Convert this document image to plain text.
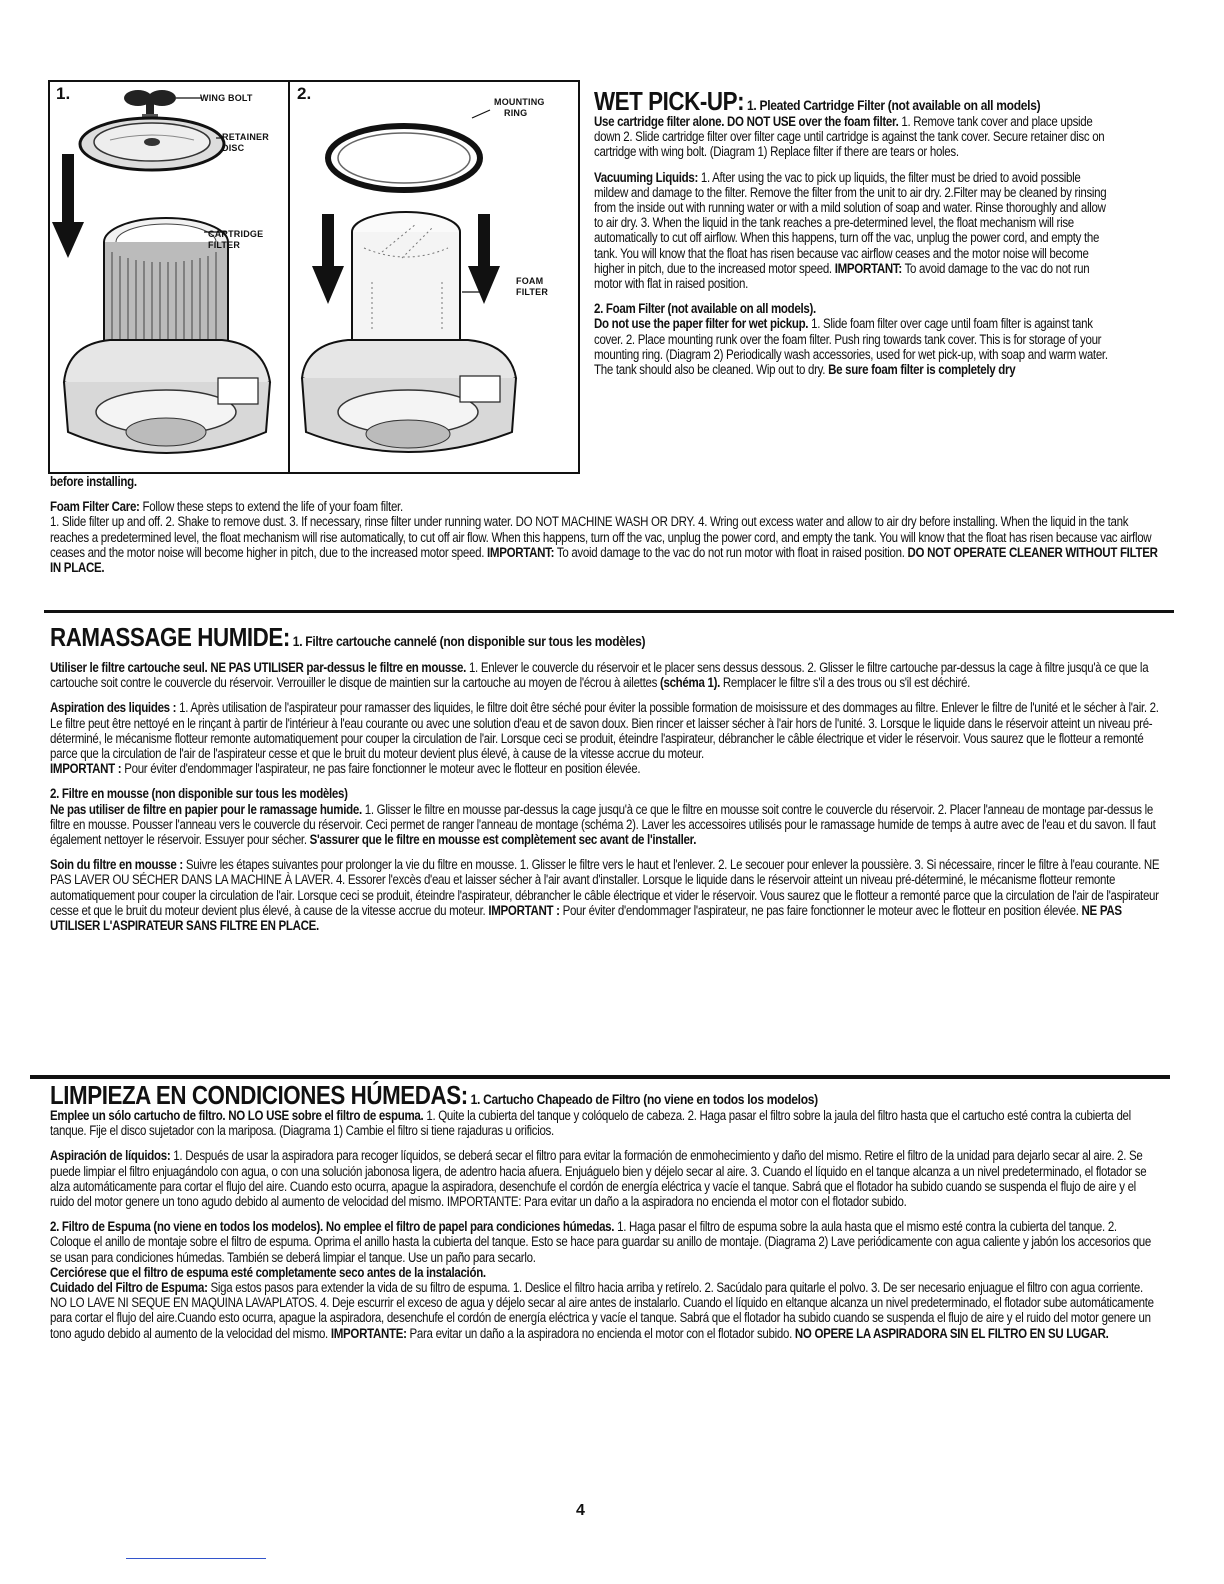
1.	2.
WING BOLT
RETAINER
DISC
CARTRIDGE
FILTER
MOUNTING
RING
FOAM
FILTER

WET PICK-UP: 1. Pleated Cartridge Filter (not available on all models)

Use cartridge filter alone. DO NOT USE over the foam filter. 1. Remove tank cover and place upside down 2. Slide cartridge filter over filter cage until cartridge is against the tank cover. Secure retainer disc on cartridge with wing bolt. (Diagram 1) Replace filter if there are tears or holes.

Vacuuming Liquids: 1. After using the vac to pick up liquids, the filter must be dried to avoid possible mildew and damage to the filter. Remove the filter from the unit to air dry. 2.Filter may be cleaned by rinsing from the inside out with running water or with a mild solution of soap and water. Rinse thoroughly and allow to air dry. 3. When the liquid in the tank reaches a pre-determined level, the float mechanism will rise automatically to cut off airflow. When this happens, turn off the vac, unplug the power cord, and empty the tank. You will know that the float has risen because vac airflow ceases and the motor noise will become higher in pitch, due to the increased motor speed. IMPORTANT: To avoid damage to the vac do not run motor with flat in raised position.

2. Foam Filter (not available on all models).
Do not use the paper filter for wet pickup. 1. Slide foam filter over cage until foam filter is against tank cover. 2. Place mounting runk over the foam filter. Push ring towards tank cover. This is for storage of your mounting ring. (Diagram 2) Periodically wash accessories, used for wet pick-up, with soap and warm water. The tank should also be cleaned. Wip out to dry. Be sure foam filter is completely dry

before installing.

Foam Filter Care: Follow these steps to extend the life of your foam filter.
1. Slide filter up and off. 2. Shake to remove dust. 3. If necessary, rinse filter under running water. DO NOT MACHINE WASH OR DRY. 4. Wring out excess water and allow to air dry before installing. When the liquid in the tank reaches a predetermined level, the float mechanism will rise automatically, to cut off air flow. When this happens, turn off the vac, unplug the power cord, and empty the tank. You will know that the float has risen because vac airflow ceases and the motor noise will become higher in pitch, due to the increased motor speed. IMPORTANT: To avoid damage to the vac do not run motor with float in raised position. DO NOT OPERATE CLEANER WITHOUT FILTER IN PLACE.

RAMASSAGE HUMIDE: 1. Filtre cartouche cannelé (non disponible sur tous les modèles)

Utiliser le filtre cartouche seul. NE PAS UTILISER par-dessus le filtre en mousse. 1. Enlever le couvercle du réservoir et le placer sens dessus dessous. 2. Glisser le filtre cartouche par-dessus la cage à filtre jusqu'à ce que la cartouche soit contre le couvercle du réservoir. Verrouiller le disque de maintien sur la cartouche au moyen de l'écrou à ailettes (schéma 1). Remplacer le filtre s'il a des trous ou s'il est déchiré.

Aspiration des liquides : 1. Après utilisation de l'aspirateur pour ramasser des liquides, le filtre doit être séché pour éviter la possible formation de moisissure et des dommages au filtre. Enlever le filtre de l'unité et le sécher à l'air. 2. Le filtre peut être nettoyé en le rinçant à partir de l'intérieur à l'eau courante ou avec une solution d'eau et de savon doux. Bien rincer et laisser sécher à l'air hors de l'unité. 3. Lorsque le liquide dans le réservoir atteint un niveau pré-déterminé, le mécanisme flotteur remonte automatiquement pour couper la circulation de l'air. Lorsque ceci se produit, éteindre l'aspirateur, débrancher le câble électrique et vider le réservoir. Vous saurez que le flotteur a remonté parce que la circulation de l'air de l'aspirateur cesse et que le bruit du moteur devient plus élevé, à cause de la vitesse accrue du moteur.
IMPORTANT : Pour éviter d'endommager l'aspirateur, ne pas faire fonctionner le moteur avec le flotteur en position élevée.

2. Filtre en mousse (non disponible sur tous les modèles)
Ne pas utiliser de filtre en papier pour le ramassage humide. 1. Glisser le filtre en mousse par-dessus la cage jusqu'à ce que le filtre en mousse soit contre le couvercle du réservoir. 2. Placer l'anneau de montage par-dessus le filtre en mousse. Pousser l'anneau vers le couvercle du réservoir. Ceci permet de ranger l'anneau de montage (schéma 2). Laver les accessoires utilisés pour le ramassage humide de temps à autre avec de l'eau et du savon. Il faut également nettoyer le réservoir. Essuyer pour sécher. S'assurer que le filtre en mousse est complètement sec avant de l'installer.

Soin du filtre en mousse : Suivre les étapes suivantes pour prolonger la vie du filtre en mousse. 1. Glisser le filtre vers le haut et l'enlever. 2. Le secouer pour enlever la poussière. 3. Si nécessaire, rincer le filtre à l'eau courante. NE PAS LAVER OU SÉCHER DANS LA MACHINE À LAVER. 4. Essorer l'excès d'eau et laisser sécher à l'air avant d'installer. Lorsque le liquide dans le réservoir atteint un niveau pré-déterminé, le mécanisme flotteur remonte automatiquement pour couper la circulation de l'air. Lorsque ceci se produit, éteindre l'aspirateur, débrancher le câble électrique et vider le réservoir. Vous saurez que le flotteur a remonté parce que la circulation de l'air de l'aspirateur cesse et que le bruit du moteur devient plus élevé, à cause de la vitesse accrue du moteur. IMPORTANT : Pour éviter d'endommager l'aspirateur, ne pas faire fonctionner le moteur avec le flotteur en position élevée. NE PAS UTILISER L'ASPIRATEUR SANS FILTRE EN PLACE.

LIMPIEZA EN CONDICIONES HÚMEDAS: 1. Cartucho Chapeado de Filtro (no viene en todos los modelos)

Emplee un sólo cartucho de filtro. NO LO USE sobre el filtro de espuma. 1. Quite la cubierta del tanque y colóquelo de cabeza. 2. Haga pasar el filtro sobre la jaula del filtro hasta que el cartucho esté contra la cubierta del tanque. Fije el disco sujetador con la mariposa. (Diagrama 1) Cambie el filtro si tiene rajaduras u orificios.

Aspiración de líquidos: 1. Después de usar la aspiradora para recoger líquidos, se deberá secar el filtro para evitar la formación de enmohecimiento y daño del mismo. Retire el filtro de la unidad para dejarlo secar al aire. 2. Se puede limpiar el filtro enjuagándolo con agua, o con una solución jabonosa ligera, de adentro hacia afuera. Enjuáguelo bien y déjelo secar al aire. 3. Cuando el líquido en el tanque alcanza a un nivel predeterminado, el flotador se alza automáticamente para cortar el flujo del aire. Cuando esto ocurra, apague la aspiradora, desenchufe el cordón de energía eléctrica y vacíe el tanque. Sabrá que el flotador ha subido cuando se suspenda el flujo de aire y el ruido del motor genere un tono agudo debido al aumento de velocidad del mismo. IMPORTANTE: Para evitar un daño a la aspiradora no encienda el motor con el flotador subido.

2. Filtro de Espuma (no viene en todos los modelos). No emplee el filtro de papel para condiciones húmedas. 1. Haga pasar el filtro de espuma sobre la aula hasta que el mismo esté contra la cubierta del tanque. 2. Coloque el anillo de montaje sobre el filtro de espuma. Oprima el anillo hasta la cubierta del tanque. Esto se hace para guardar su anillo de montaje. (Diagrama 2) Lave periódicamente con agua caliente y jabón los accesorios que se usan para condiciones húmedas. También se deberá limpiar el tanque. Use un paño para secarlo.
Cerciórese que el filtro de espuma esté completamente seco antes de la instalación.
Cuidado del Filtro de Espuma: Siga estos pasos para extender la vida de su filtro de espuma. 1. Deslice el filtro hacia arriba y retírelo. 2. Sacúdalo para quitarle el polvo. 3. De ser necesario enjuague el filtro con agua corriente. NO LO LAVE NI SEQUE EN MAQUINA LAVAPLATOS. 4. Deje escurrir el exceso de agua y déjelo secar al aire antes de instalarlo. Cuando el líquido en eltanque alcanza un nivel predeterminado, el flotador sube automáticamente para cortar el flujo del aire.Cuando esto ocurra, apague la aspiradora, desenchufe el cordón de energía eléctrica y vacíe el tanque. Sabrá que el flotador ha subido cuando se suspenda el flujo de aire y el ruido del motor genere un tono agudo debido al aumento de la velocidad del mismo. IMPORTANTE: Para evitar un daño a la aspiradora no encienda el motor con el flotador subido. NO OPERE LA ASPIRADORA SIN EL FILTRO EN SU LUGAR.

4
